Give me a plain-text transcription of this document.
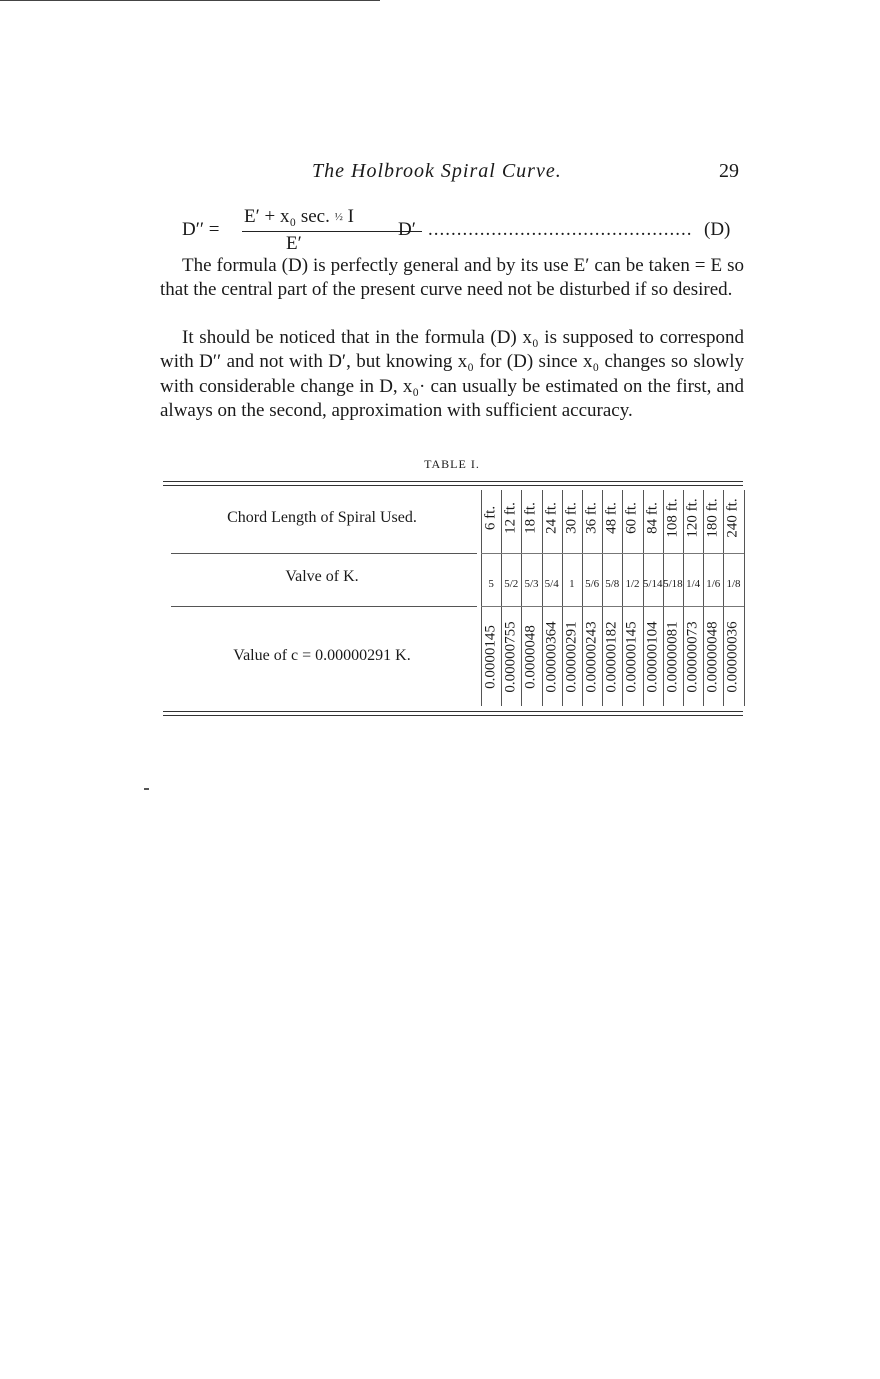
The Holbrook Spiral Curve.	29
D′′ =
E′ + x₀ sec. ½ I
E′
D′ .............................................. (D)

The formula (D) is perfectly general and by its use E′ can be taken = E so that the central part of the present curve need not be disturbed if so desired.

It should be noticed that in the formula (D) x₀ is supposed to correspond with D′′ and not with D′, but knowing x₀ for (D) since x₀ changes so slowly with considerable change in D, x₀· can usually be estimated on the first, and always on the second, approximation with sufficient accuracy.

TABLE I.
Chord Length of Spiral Used.
Valve of K.
Value of c = 0.00000291 K.
6 ft.
5
0.0000145
12 ft.
5/2
0.00000755
18 ft.
5/3
0.0000048
24 ft.
5/4
0.00000364
30 ft.
1
0.00000291
36 ft.
5/6
0.00000243
48 ft.
5/8
0.00000182
60 ft.
1/2
0.00000145
84 ft.
5/14
0.00000104
108 ft.
5/18
0.00000081
120 ft.
1/4
0.00000073
180 ft.
1/6
0.00000048
240 ft.
1/8
0.00000036
